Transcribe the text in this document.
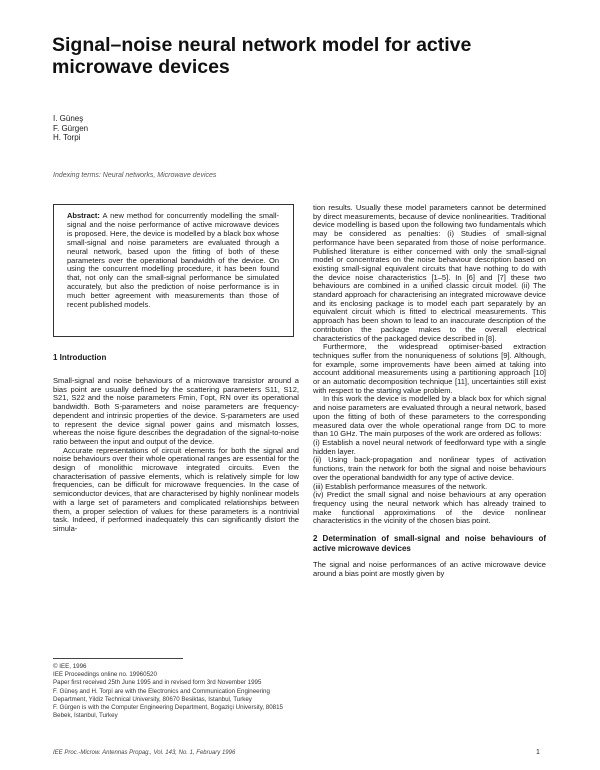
Signal–noise neural network model for active microwave devices
I. Güneş
F. Gürgen
H. Torpi
Indexing terms: Neural networks, Microwave devices
Abstract: A new method for concurrently modelling the small-signal and the noise performance of active microwave devices is proposed. Here, the device is modelled by a black box whose small-signal and noise parameters are evaluated through a neural network, based upon the fitting of both of these parameters over the operational bandwidth of the device. On using the concurrent modelling procedure, it has been found that, not only can the small-signal performance be simulated accurately, but also the prediction of noise performance is in much better agreement with measurements than those of recent published models.
1 Introduction

Small-signal and noise behaviours of a microwave transistor around a bias point are usually defined by the scattering parameters S11, S12, S21, S22 and the noise parameters Fmin, Γopt, RN over its operational bandwidth. Both S-parameters and noise parameters are frequency-dependent and intrinsic properties of the device. S-parameters are used to represent the device signal power gains and mismatch losses, whereas the noise figure describes the degradation of the signal-to-noise ratio between the input and output of the device.

Accurate representations of circuit elements for both the signal and noise behaviours over their whole operational ranges are essential for the design of monolithic microwave integrated circuits. Even the characterisation of passive elements, which is relatively simple for low frequencies, can be difficult for microwave frequencies. In the case of semiconductor devices, that are characterised by highly nonlinear models with a large set of parameters and complicated relationships between them, a proper selection of values for these parameters is a nontrivial task. Indeed, if performed inadequately this can significantly distort the simula-

© IEE, 1996
IEE Proceedings online no. 19960520
Paper first received 25th June 1995 and in revised form 3rd November 1995
F. Güneş and H. Torpi are with the Electronics and Communication Engineering Department, Yildiz Technical University, 80670 Besiktas, Istanbul, Turkey
F. Gürgen is with the Computer Engineering Department, Bogaziçi University, 80815 Bebek, Istanbul, Turkey

tion results. Usually these model parameters cannot be determined by direct measurements, because of device nonlinearities. Traditional device modelling is based upon the following two fundamentals which may be considered as penalties: (i) Studies of small-signal performance have been separated from those of noise performance. Published literature is either concerned with only the small-signal model or concentrates on the noise behaviour description based on existing small-signal equivalent circuits that have nothing to do with the device noise characteristics [1–5]. In [6] and [7] these two behaviours are combined in a unified classic circuit model. (ii) The standard approach for characterising an integrated microwave device and its enclosing package is to model each part separately by an equivalent circuit which is fitted to electrical measurements. This approach has been shown to lead to an inaccurate description of the contribution the package makes to the overall electrical characteristics of the packaged device described in [8].

Furthermore, the widespread optimiser-based extraction techniques suffer from the nonuniqueness of solutions [9]. Although, for example, some improvements have been aimed at taking into account additional measurements using a partitioning approach [10] or an automatic decomposition technique [11], uncertainties still exist with respect to the starting value problem.

In this work the device is modelled by a black box for which signal and noise parameters are evaluated through a neural network, based upon the fitting of both of these parameters to the corresponding measured data over the whole operational range from DC to more than 10 GHz. The main purposes of the work are ordered as follows:

(i) Establish a novel neural network of feedforward type with a single hidden layer.

(ii) Using back-propagation and nonlinear types of activation functions, train the network for both the signal and noise behaviours over the operational bandwidth for any type of active device.

(iii) Establish performance measures of the network.

(iv) Predict the small signal and noise behaviours at any operation frequency using the neural network which has already trained to make functional approximations of the device nonlinear characteristics in the vicinity of the chosen bias point.

2 Determination of small-signal and noise behaviours of active microwave devices

The signal and noise performances of an active microwave device around a bias point are mostly given by

IEE Proc.-Microw. Antennas Propag., Vol. 143, No. 1, February 1996	1
